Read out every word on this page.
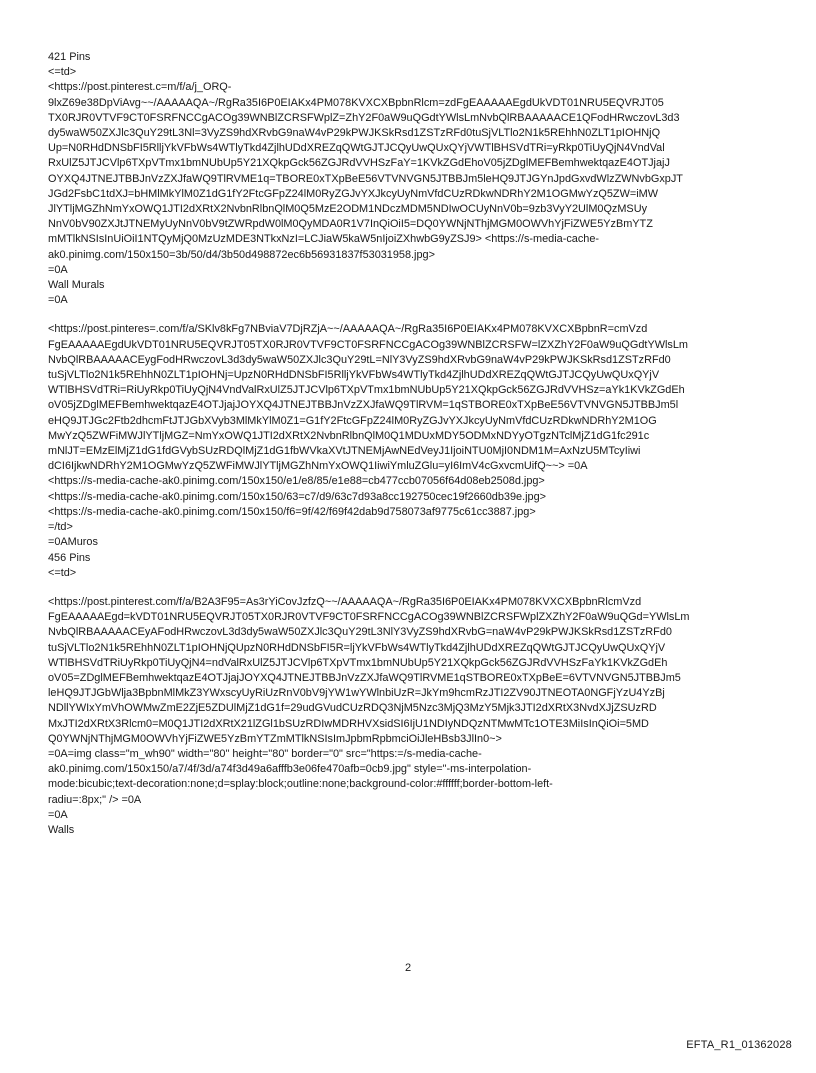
421 Pins
<=td>
<https://post.pinterest.c=m/f/a/j_ORQ-
9lxZ69e38DpViAvg~~/AAAAAQA~/RgRa35I6P0EIAKx4PM078KVXCXBpbnRlcm=zdFgEAAAAAEgdUkVDT01NRU5EQVRJT05
TX0RJR0VTVF9CT0FSRFNCCgACOg39WNBlZCRSFWplZ=ZhY2F0aW9uQGdtYWlsLmNvbQlRBAAAAACE1QFodHRwczovL3d3
dy5waW50ZXJlc3QuY29tL3Nl=3VyZS9hdXRvbG9naW4vP29kPWJKSkRsd1ZSTzRFd0tuSjVLTlo2N1k5REhhN0ZLT1pIOHNjQ
Up=N0RHdDNSbFI5RlljYkVFbWs4WTlyTkd4ZjlhUDdXREZqQWtGJTJCQyUwQUxQYjVWTlBHSVdTRi=yRkp0TiUyQjN4VndVal
RxUlZ5JTJCVlp6TXpVTmx1bmNUbUp5Y21XQkpGck56ZGJRdVVHSzFaY=1KVkZGdEhoV05jZDglMEFBemhwektqazE4OTJjajJ
OYXQ4JTNEJTBBJnVzZXJfaWQ9TlRVME1q=TBORE0xTXpBeE56VTVNVGN5JTBBJm5leHQ9JTJGYnJpdGxvdWlzZWNvbGxpJT
JGd2FsbC1tdXJ=bHMlMkYlM0Z1dG1fY2FtcGFpZ24lM0RyZGJvYXJkcyUyNmVfdCUzRDkwNDRhY2M1OGMwYzQ5ZW=iMW
JlYTljMGZhNmYxOWQ1JTI2dXRtX2NvbnRlbnQlM0Q5MzE2ODM1NDczMDM5NDIwOCUyNnV0b=9zb3VyY2UlM0QzMSUy
NnV0bV90ZXJtJTNEMyUyNnV0bV9tZWRpdW0lM0QyMDA0R1V7InQiOiI5=DQ0YWNjNThjMGM0OWVhYjFiZWE5YzBmYTZ
mMTlkNSIsInUiOiI1NTQyMjQ0MzUzMDE3NTkxNzI=LCJiaW5kaW5nIjoiZXhwbG9yZSJ9> <https://s-media-cache-
ak0.pinimg.com/150x150=3b/50/d4/3b50d498872ec6b56931837f53031958.jpg>
=0A
Wall Murals
=0A
<https://post.pinteres=.com/f/a/SKlv8kFg7NBviaV7DjRZjA~~/AAAAAQA~/RgRa35I6P0EIAKx4PM078KVXCXBpbnR=cmVzd
FgEAAAAAEgdUkVDT01NRU5EQVRJT05TX0RJR0VTVF9CT0FSRFNCCgACOg39WNBlZCRSFW=lZXZhY2F0aW9uQGdtYWlsLm
NvbQlRBAAAAACEygFodHRwczovL3d3dy5waW50ZXJlc3QuY29tL=NlY3VyZS9hdXRvbG9naW4vP29kPWJKSkRsd1ZSTzRFd0
tuSjVLTlo2N1k5REhhN0ZLT1pIOHNj=UpzN0RHdDNSbFI5RlljYkVFbWs4WTlyTkd4ZjlhUDdXREZqQWtGJTJCQyUwQUxQYjV
WTlBHSVdTRi=RiUyRkp0TiUyQjN4VndValRxUlZ5JTJCVlp6TXpVTmx1bmNUbUp5Y21XQkpGck56ZGJRdVVHSz=aYk1KVkZGdEh
oV05jZDglMEFBemhwektqazE4OTJjajJOYXQ4JTNEJTBBJnVzZXJfaWQ9TlRVM=1qSTBORE0xTXpBeE56VTVNVGN5JTBBJm5l
eHQ9JTJGc2Ftb2dhcmFtJTJGbXVyb3MlMkYlM0Z1=G1fY2FtcGFpZ24lM0RyZGJvYXJkcyUyNmVfdCUzRDkwNDRhY2M1OG
MwYzQ5ZWFiMWJlYTljMGZ=NmYxOWQ1JTI2dXRtX2NvbnRlbnQlM0Q1MDUxMDY5ODMxNDYyOTgzNTclMjZ1dG1fc291c
mNlJT=EMzElMjZ1dG1fdGVybSUzRDQlMjZ1dG1fbWVkaXVtJTNEMjAwNEdVeyJ1IjoiNTU0MjI0NDM1M=AxNzU5MTcyIiwi
dCI6IjkwNDRhY2M1OGMwYzQ5ZWFiMWJlYTljMGZhNmYxOWQ1IiwiYmluZGlu=yI6ImV4cGxvcmUifQ~~> =0A
<https://s-media-cache-ak0.pinimg.com/150x150/e1/e8/85/e1e88=cb477ccb07056f64d08eb2508d.jpg>
<https://s-media-cache-ak0.pinimg.com/150x150/63=c7/d9/63c7d93a8cc192750cec19f2660db39e.jpg>
<https://s-media-cache-ak0.pinimg.com/150x150/f6=9f/42/f69f42dab9d758073af9775c61cc3887.jpg>
=/td>
=0AMuros
456 Pins
<=td>
<https://post.pinterest.com/f/a/B2A3F95=As3rYiCovJzfzQ~~/AAAAAQA~/RgRa35I6P0EIAKx4PM078KVXCXBpbnRlcmVzd
FgEAAAAAEgd=kVDT01NRU5EQVRJT05TX0RJR0VTVF9CT0FSRFNCCgACOg39WNBlZCRSFWplZXZhY2F0aW9uQGd=YWlsLm
NvbQlRBAAAAACEyAFodHRwczovL3d3dy5waW50ZXJlc3QuY29tL3NlY3VyZS9hdXRvbG=naW4vP29kPWJKSkRsd1ZSTzRFd0
tuSjVLTlo2N1k5REhhN0ZLT1pIOHNjQUpzN0RHdDNSbFI5R=ljYkVFbWs4WTlyTkd4ZjlhUDdXREZqQWtGJTJCQyUwQUxQYjV
WTlBHSVdTRiUyRkp0TiUyQjN4=ndValRxUlZ5JTJCVlp6TXpVTmx1bmNUbUp5Y21XQkpGck56ZGJRdVVHSzFaYk1KVkZGdEh
oV05=ZDglMEFBemhwektqazE4OTJjajJOYXQ4JTNEJTBBJnVzZXJfaWQ9TlRVME1qSTBORE0xTXpBeE=6VTVNVGN5JTBBJm5
leHQ9JTJGbWlja3BpbnMlMkZ3YWxscyUyRiUzRnV0bV9jYW1wYWlnbiUzR=JkYm9hcmRzJTI2ZV90JTNEOTA0NGFjYzU4YzBj
NDllYWIxYmVhOWMwZmE2ZjE5ZDUlMjZ1dG1f=29udGVudCUzRDQ3NjM5Nzc3MjQ3MzY5Mjk3JTI2dXRtX3NvdXJjZSUzRD
MxJTI2dXRtX3Rlcm0=M0Q1JTI2dXRtX21lZGl1bSUzRDIwMDRHVXsidSI6IjU1NDIyNDQzNTMwMTc1OTE3MiIsInQiOi=5MD
Q0YWNjNThjMGM0OWVhYjFiZWE5YzBmYTZmMTlkNSIsImJpbmRpbmciOiJleHBsb3JlIn0~>
=0A=img class="m_wh90" width="80" height="80" border="0" src="https:=/s-media-cache-
ak0.pinimg.com/150x150/a7/4f/3d/a74f3d49a6afffb3e06fe470afb=0cb9.jpg" style="-ms-interpolation-
mode:bicubic;text-decoration:none;d=splay:block;outline:none;background-color:#ffffff;border-bottom-left-
radiu=:8px;" /> =0A
=0A
Walls
2
EFTA_R1_01362028
